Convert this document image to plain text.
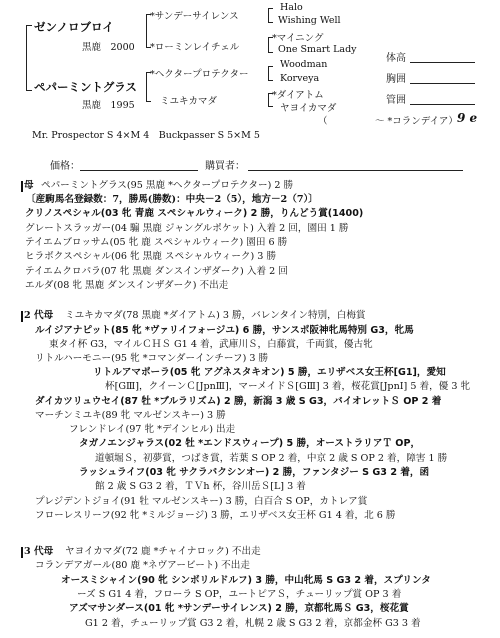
ゼンノロブロイ
黒鹿　2000
ペパーミントグラス
黒鹿　1995
*サンデーサイレンス
*ローミンレイチェル
*ヘクタープロテクター
ミユキカマダ
Halo
Wishing Well
*マイニング
One Smart Lady
Woodman
Korveya
*ダイアトム
ヤヨイカマダ
（　　　　　～ *コランデイア） 9 e
体高
胸囲
管囲
Mr. Prospector S 4×M 4　Buckpasser S 5×M 5
価格：	購買者：
母 ペパーミントグラス(95 黒鹿 *ヘクタープロテクター) 2 勝
〔産駒馬名登録数：7，勝馬(勝数)：中央－2（5），地方－2（7）〕
クリノスペシャル(03 牝 青鹿 スペシャルウィーク) 2 勝，りんどう賞(1400)
グレートスラッガー(04 騸 黒鹿 ジャングルポケット) 入着 2 回，園田 1 勝
テイエムブロッサム(05 牝 鹿 スペシャルウィーク) 園田 6 勝
ヒラボクスペシャル(06 牝 黒鹿 スペシャルウィーク) 3 勝
テイエムクロパラ(07 牝 黒鹿 ダンスインザダーク) 入着 2 回
エルダ(08 牝 黒鹿 ダンスインザダーク) 不出走
2 代母 ミユキカマダ(78 黒鹿 *ダイアトム) 3 勝，バレンタイン特別，白梅賞
ルイジアナピット(85 牝 *ヴァリイフォージユ) 6 勝，サンスポ阪神牝馬特別 G3，牝馬
東タイ杯 G3，マイルＣＨＳ G1 4 着，武庫川Ｓ，白藤賞，千両賞，優古牝
リトルハーモニー(95 牝 *コマンダーインチーフ) 3 勝
リトルアマポーラ(05 牝 アグネスタキオン) 5 勝，エリザベス女王杯[G1]，愛知
杯[GⅢ]，クイーンＣ[JpnⅢ]，マーメイドＳ[GⅢ] 3 着，桜花賞[JpnⅠ] 5 着，優 3 牝
ダイカツリュウセイ(87 牡 *ブルラリズム) 2 勝，新潟 3 歳 S G3，バイオレットＳ OP 2 着
マーチンミユキ(89 牝 マルゼンスキー) 3 勝
フレンドレイ(97 牝 *デインヒル) 出走
タガノエンジャラス(02 牡 *エンドスウィープ) 5 勝，オーストラリアＴ OP，
道頓堀Ｓ，初夢賞，つばき賞，若葉 S OP 2 着，中京 2 歳 S OP 2 着，障害 1 勝
ラッシュライフ(03 牝 サクラバクシンオー) 2 勝，ファンタジー S G3 2 着，函
館 2 歳 S G3 2 着，ＴＶh 杯，谷川岳Ｓ[L] 3 着
プレジデントジョイ(91 牡 マルゼンスキー) 3 勝，白百合 S OP，カトレア賞
フローレスリーフ(92 牝 *ミルジョージ) 3 勝，エリザベス女王杯 G1 4 着，北 6 勝
3 代母 ヤヨイカマダ(72 鹿 *チャイナロック) 不出走
コランデアガール(80 鹿 *ネヴアービート) 不出走
オースミシャイン(90 牝 シンボリルドルフ) 3 勝，中山牝馬 S G3 2 着，スプリンタ
ーズ S G1 4 着，フローラ S OP，ユートピアＳ，チューリップ賞 OP 3 着
アズマサンダース(01 牝 *サンデーサイレンス) 2 勝，京都牝馬Ｓ G3，桜花賞
G1 2 着，チューリップ賞 G3 2 着，札幌 2 歳 S G3 2 着，京都金杯 G3 3 着
